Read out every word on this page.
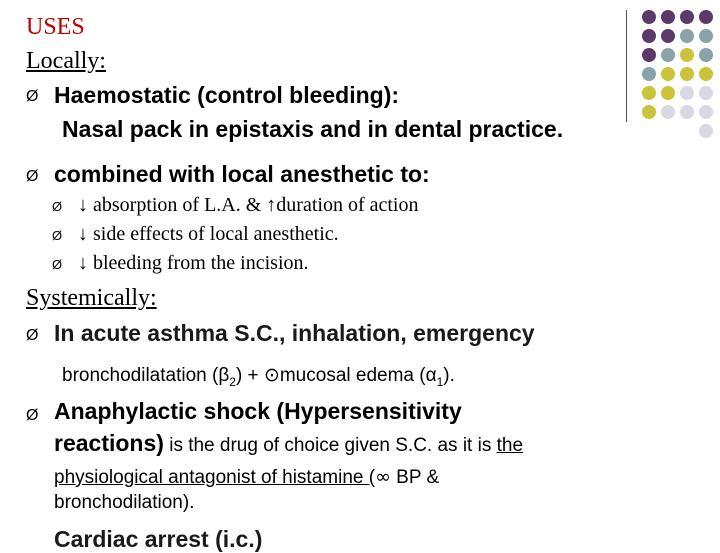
USES
Locally:
Ø Haemostatic (control bleeding):
Nasal pack in epistaxis and in dental practice.
Ø combined with local anesthetic to:
Ø ↓ absorption of L.A. & ↑duration of action
Ø ↓ side effects of local anesthetic.
Ø ↓ bleeding from the incision.
Systemically:
Ø In acute asthma S.C., inhalation, emergency
bronchodilatation $(\beta_2)$ + ⊙mucosal edema $(\alpha_1)$.
Ø Anaphylactic shock (Hypersensitivity
reactions) is the drug of choice given S.C. as it is the
physiological antagonist of histamine (∞ BP &
bronchodilation).
Cardiac arrest (i.c.)
